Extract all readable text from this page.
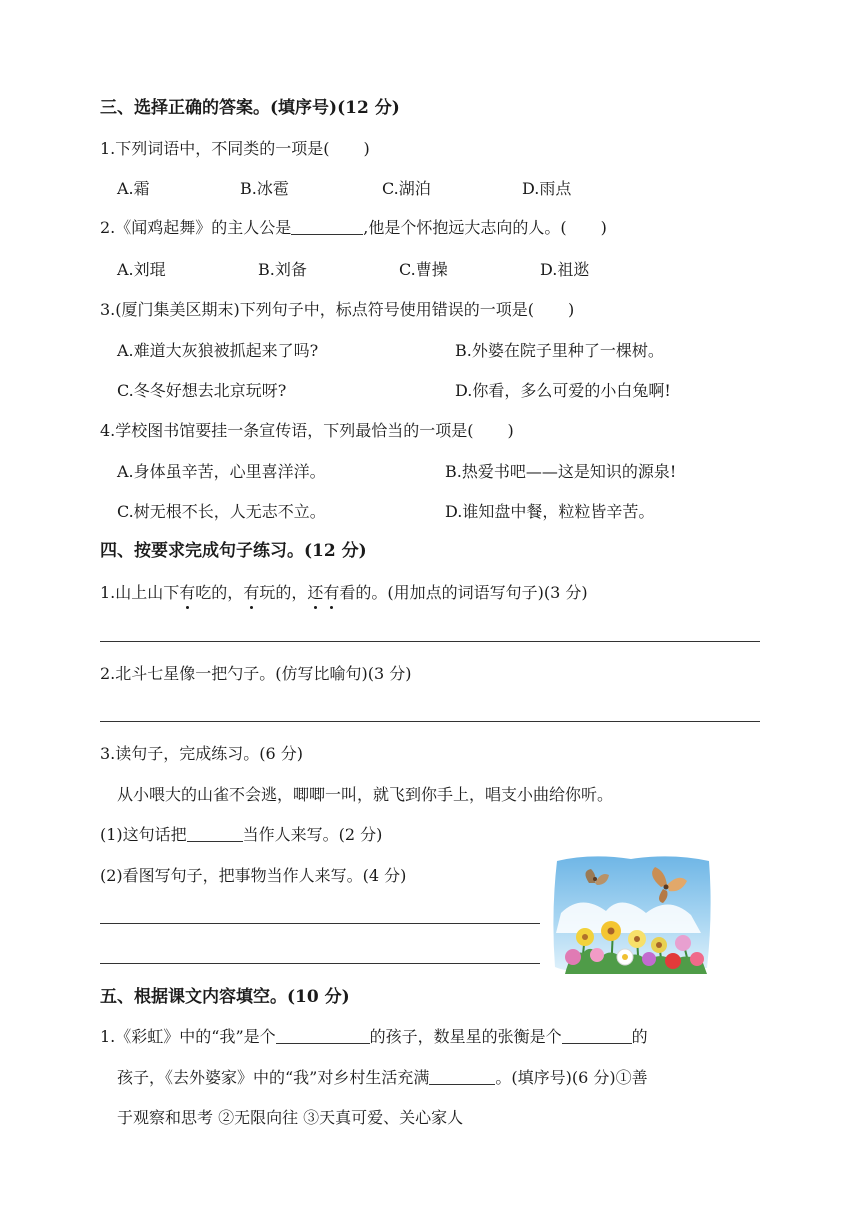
三、选择正确的答案。(填序号)(12 分)
1.下列词语中，不同类的一项是( )
A.霜	B.冰雹	C.湖泊	D.雨点
2.《闻鸡起舞》的主人公是	,他是个怀抱远大志向的人。( )
A.刘琨	B.刘备	C.曹操	D.祖逖
3.(厦门集美区期末)下列句子中，标点符号使用错误的一项是( )
A.难道大灰狼被抓起来了吗?	B.外婆在院子里种了一棵树。
C.冬冬好想去北京玩呀?	D.你看，多么可爱的小白兔啊!
4.学校图书馆要挂一条宣传语，下列最恰当的一项是( )
A.身体虽辛苦，心里喜洋洋。	B.热爱书吧——这是知识的源泉!
C.树无根不长，人无志不立。	D.谁知盘中餐，粒粒皆辛苦。
四、按要求完成句子练习。(12 分)
1.山上山下有吃的，有玩的，还有看的。(用加点的词语写句子)(3 分)
2.北斗七星像一把勺子。(仿写比喻句)(3 分)
3.读句子，完成练习。(6 分)
从小喂大的山雀不会逃，唧唧一叫，就飞到你手上，唱支小曲给你听。
(1)这句话把	当作人来写。(2 分)
(2)看图写句子，把事物当作人来写。(4 分)
五、根据课文内容填空。(10 分)
1.《彩虹》中的“我”是个	的孩子，数星星的张衡是个	的
孩子，《去外婆家》中的“我”对乡村生活充满	。(填序号)(6 分)①善
于观察和思考 ②无限向往 ③天真可爱、关心家人
